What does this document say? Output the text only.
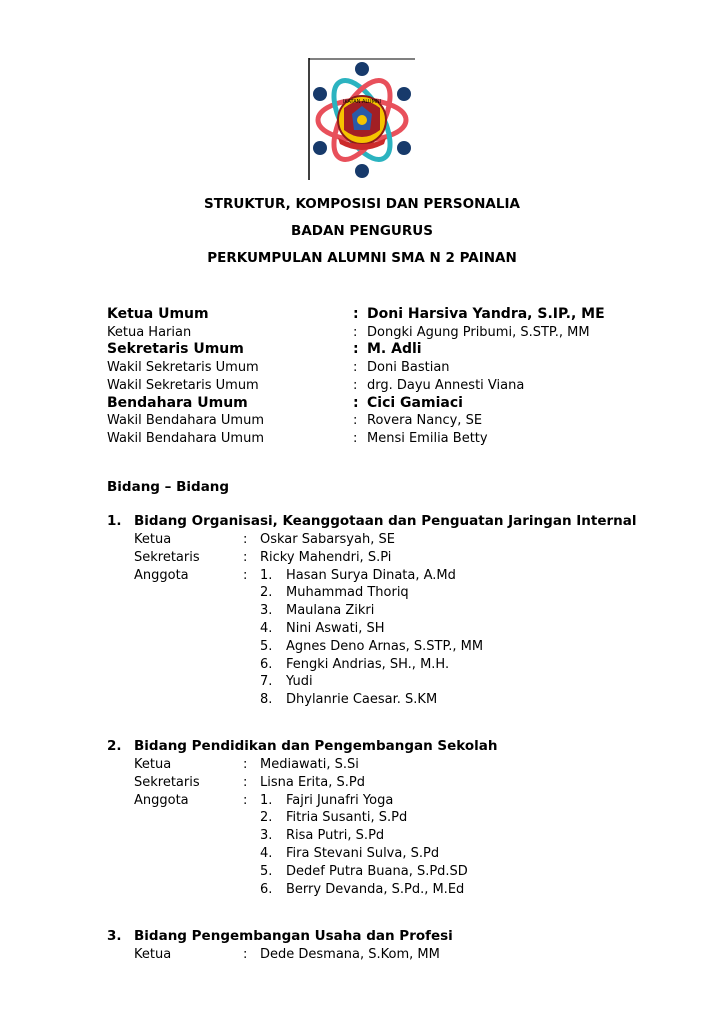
IKATAN ALUMNI
STRUKTUR, KOMPOSISI DAN PERSONALIA
BADAN PENGURUS
PERKUMPULAN ALUMNI SMA N 2 PAINAN
Ketua Umum	: Doni Harsiva Yandra, S.IP., ME
Ketua Harian	: Dongki Agung Pribumi, S.STP., MM
Sekretaris Umum	: M. Adli
Wakil Sekretaris Umum	: Doni Bastian
Wakil Sekretaris Umum	: drg. Dayu Annesti Viana
Bendahara Umum	: Cici Gamiaci
Wakil Bendahara Umum	: Rovera Nancy, SE
Wakil Bendahara Umum	: Mensi Emilia Betty
Bidang – Bidang
1. Bidang Organisasi, Keanggotaan dan Penguatan Jaringan Internal
Ketua	: Oskar Sabarsyah, SE
Sekretaris	: Ricky Mahendri, S.Pi
Anggota	: 1. Hasan Surya Dinata, A.Md
2. Muhammad Thoriq
3. Maulana Zikri
4. Nini Aswati, SH
5. Agnes Deno Arnas, S.STP., MM
6. Fengki Andrias, SH., M.H.
7. Yudi
8. Dhylanrie Caesar. S.KM
2. Bidang Pendidikan dan Pengembangan Sekolah
Ketua	: Mediawati, S.Si
Sekretaris	: Lisna Erita, S.Pd
Anggota	: 1. Fajri Junafri Yoga
2. Fitria Susanti, S.Pd
3. Risa Putri, S.Pd
4. Fira Stevani Sulva, S.Pd
5. Dedef Putra Buana, S.Pd.SD
6. Berry Devanda, S.Pd., M.Ed
3. Bidang Pengembangan Usaha dan Profesi
Ketua	: Dede Desmana, S.Kom, MM
